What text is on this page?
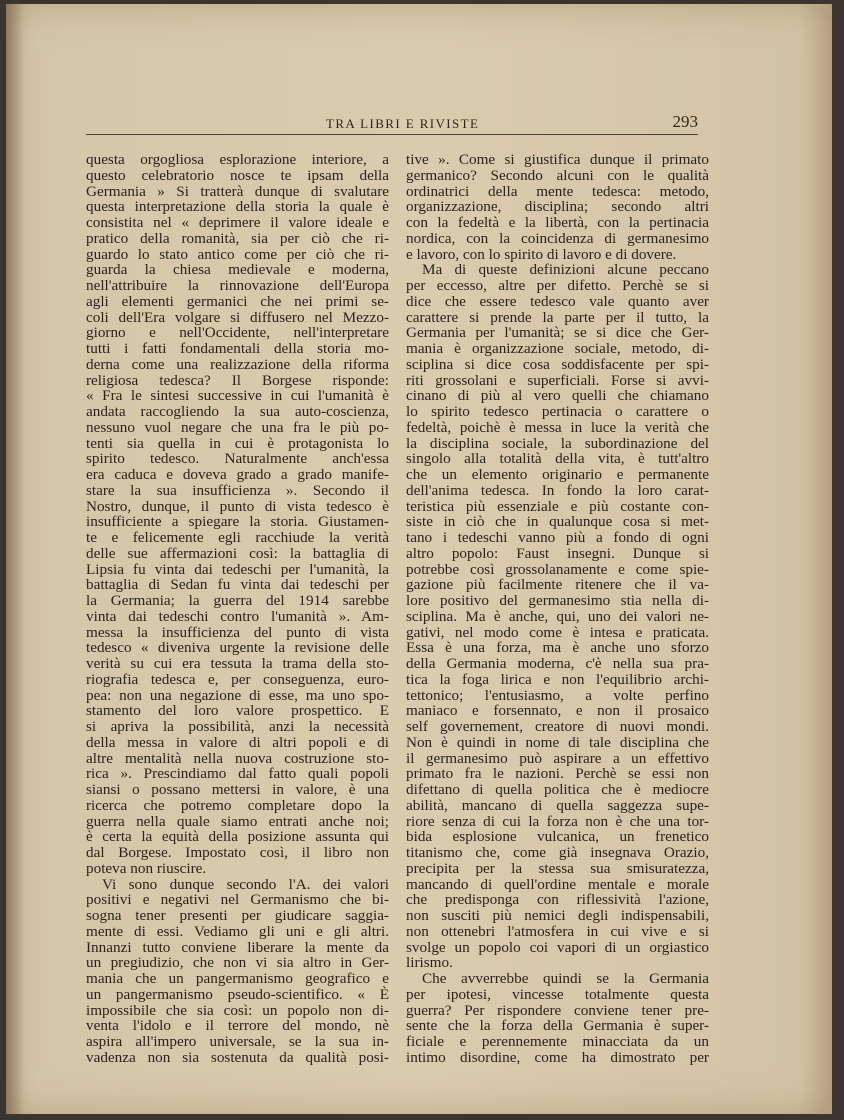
TRA LIBRI E RIVISTE	293
questa orgogliosa esplorazione interiore, a
questo celebratorio nosce te ipsam della
Germania » Si tratterà dunque di svalutare
questa interpretazione della storia la quale è
consistita nel « deprimere il valore ideale e
pratico della romanità, sia per ciò che ri-
guardo lo stato antico come per ciò che ri-
guarda la chiesa medievale e moderna,
nell'attribuire la rinnovazione dell'Europa
agli elementi germanici che nei primi se-
coli dell'Era volgare si diffusero nel Mezzo-
giorno e nell'Occidente, nell'interpretare
tutti i fatti fondamentali della storia mo-
derna come una realizzazione della riforma
religiosa tedesca? Il Borgese risponde:
« Fra le sintesi successive in cui l'umanità è
andata raccogliendo la sua auto-coscienza,
nessuno vuol negare che una fra le più po-
tenti sia quella in cui è protagonista lo
spirito tedesco. Naturalmente anch'essa
era caduca e doveva grado a grado manife-
stare la sua insufficienza ». Secondo il
Nostro, dunque, il punto di vista tedesco è
insufficiente a spiegare la storia. Giustamen-
te e felicemente egli racchiude la verità
delle sue affermazioni così: la battaglia di
Lipsia fu vinta dai tedeschi per l'umanità, la
battaglia di Sedan fu vinta dai tedeschi per
la Germania; la guerra del 1914 sarebbe
vinta dai tedeschi contro l'umanità ». Am-
messa la insufficienza del punto di vista
tedesco « diveniva urgente la revisione delle
verità su cui era tessuta la trama della sto-
riografia tedesca e, per conseguenza, euro-
pea: non una negazione di esse, ma uno spo-
stamento del loro valore prospettico. E
si apriva la possibilità, anzi la necessità
della messa in valore di altri popoli e di
altre mentalità nella nuova costruzione sto-
rica ». Prescindiamo dal fatto quali popoli
siansi o possano mettersi in valore, è una
ricerca che potremo completare dopo la
guerra nella quale siamo entrati anche noi;
è certa la equità della posizione assunta qui
dal Borgese. Impostato così, il libro non
poteva non riuscire.
Vi sono dunque secondo l'A. dei valori
positivi e negativi nel Germanismo che bi-
sogna tener presenti per giudicare saggia-
mente di essi. Vediamo gli uni e gli altri.
Innanzi tutto conviene liberare la mente da
un pregiudizio, che non vi sia altro in Ger-
mania che un pangermanismo geografico e
un pangermanismo pseudo-scientifico. « È
impossibile che sia così: un popolo non di-
venta l'idolo e il terrore del mondo, nè
aspira all'impero universale, se la sua in-
vadenza non sia sostenuta da qualità posi-
tive ». Come si giustifica dunque il primato
germanico? Secondo alcuni con le qualità
ordinatrici della mente tedesca: metodo,
organizzazione, disciplina; secondo altri
con la fedeltà e la libertà, con la pertinacia
nordica, con la coincidenza di germanesimo
e lavoro, con lo spirito di lavoro e di dovere.
Ma di queste definizioni alcune peccano
per eccesso, altre per difetto. Perchè se si
dice che essere tedesco vale quanto aver
carattere si prende la parte per il tutto, la
Germania per l'umanità; se si dice che Ger-
mania è organizzazione sociale, metodo, di-
sciplina si dice cosa soddisfacente per spi-
riti grossolani e superficiali. Forse si avvi-
cinano di più al vero quelli che chiamano
lo spirito tedesco pertinacia o carattere o
fedeltà, poichè è messa in luce la verità che
la disciplina sociale, la subordinazione del
singolo alla totalità della vita, è tutt'altro
che un elemento originario e permanente
dell'anima tedesca. In fondo la loro carat-
teristica più essenziale e più costante con-
siste in ciò che in qualunque cosa si met-
tano i tedeschi vanno più a fondo di ogni
altro popolo: Faust insegni. Dunque si
potrebbe così grossolanamente e come spie-
gazione più facilmente ritenere che il va-
lore positivo del germanesimo stia nella di-
sciplina. Ma è anche, qui, uno dei valori ne-
gativi, nel modo come è intesa e praticata.
Essa è una forza, ma è anche uno sforzo
della Germania moderna, c'è nella sua pra-
tica la foga lirica e non l'equilibrio archi-
tettonico; l'entusiasmo, a volte perfino
maniaco e forsennato, e non il prosaico
self governement, creatore di nuovi mondi.
Non è quindi in nome di tale disciplina che
il germanesimo può aspirare a un effettivo
primato fra le nazioni. Perchè se essi non
difettano di quella politica che è mediocre
abilità, mancano di quella saggezza supe-
riore senza di cui la forza non è che una tor-
bida esplosione vulcanica, un frenetico
titanismo che, come già insegnava Orazio,
precipita per la stessa sua smisuratezza,
mancando di quell'ordine mentale e morale
che predisponga con riflessività l'azione,
non susciti più nemici degli indispensabili,
non ottenebri l'atmosfera in cui vive e si
svolge un popolo coi vapori di un orgiastico
lirismo.
Che avverrebbe quindi se la Germania
per ipotesi, vincesse totalmente questa
guerra? Per rispondere conviene tener pre-
sente che la forza della Germania è super-
ficiale e perennemente minacciata da un
intimo disordine, come ha dimostrato per
